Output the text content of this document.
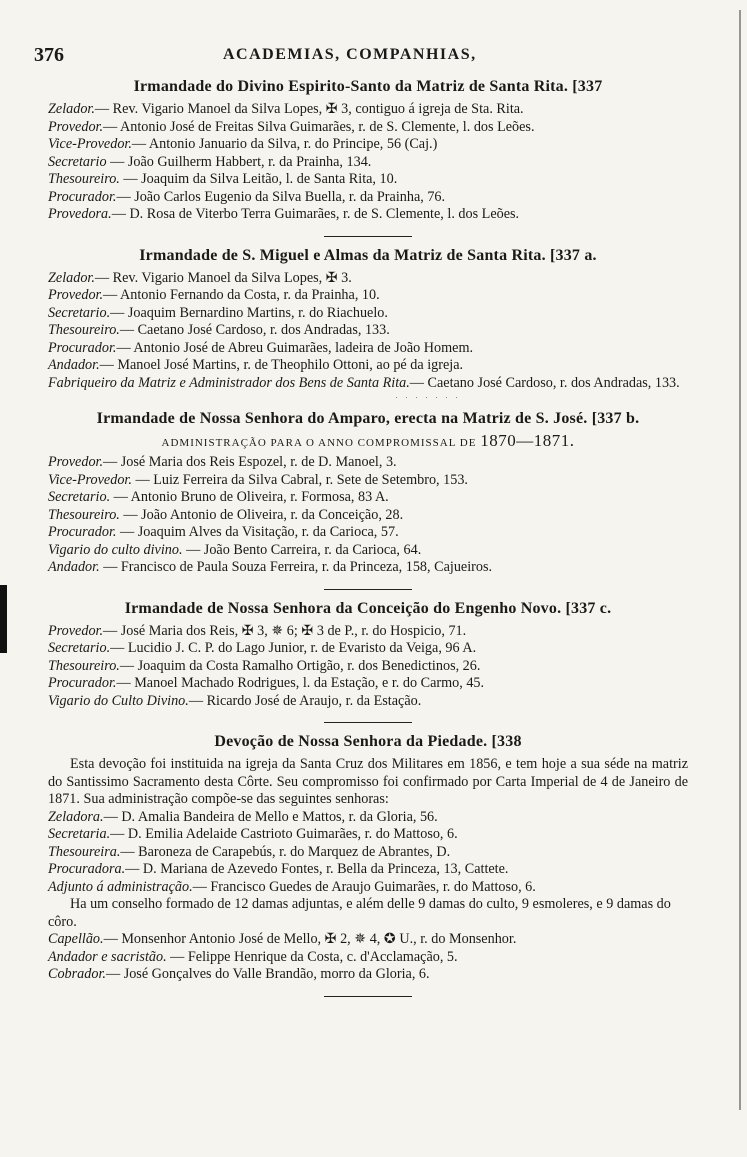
376	ACADEMIAS, COMPANHIAS,
Irmandade do Divino Espirito-Santo da Matriz de Santa Rita. [337
Zelador.— Rev. Vigario Manoel da Silva Lopes, ✠ 3, contiguo á igreja de Sta. Rita.
Provedor.— Antonio José de Freitas Silva Guimarães, r. de S. Clemente, l. dos Leões.
Vice-Provedor.— Antonio Januario da Silva, r. do Principe, 56 (Caj.)
Secretario — João Guilherm Habbert, r. da Prainha, 134.
Thesoureiro. — Joaquim da Silva Leitão, l. de Santa Rita, 10.
Procurador.— João Carlos Eugenio da Silva Buella, r. da Prainha, 76.
Provedora.— D. Rosa de Viterbo Terra Guimarães, r. de S. Clemente, l. dos Leões.
Irmandade de S. Miguel e Almas da Matriz de Santa Rita. [337 a.
Zelador.— Rev. Vigario Manoel da Silva Lopes, ✠ 3.
Provedor.— Antonio Fernando da Costa, r. da Prainha, 10.
Secretario.— Joaquim Bernardino Martins, r. do Riachuelo.
Thesoureiro.— Caetano José Cardoso, r. dos Andradas, 133.
Procurador.— Antonio José de Abreu Guimarães, ladeira de João Homem.
Andador.— Manoel José Martins, r. de Theophilo Ottoni, ao pé da igreja.
Fabriqueiro da Matriz e Administrador dos Bens de Santa Rita.— Caetano José Cardoso, r. dos Andradas, 133.
. . . . . . .
Irmandade de Nossa Senhora do Amparo, erecta na Matriz de S. José. [337 b.
ADMINISTRAÇÃO PARA O ANNO COMPROMISSAL DE 1870—1871.
Provedor.— José Maria dos Reis Espozel, r. de D. Manoel, 3.
Vice-Provedor. — Luiz Ferreira da Silva Cabral, r. Sete de Setembro, 153.
Secretario. — Antonio Bruno de Oliveira, r. Formosa, 83 A.
Thesoureiro. — João Antonio de Oliveira, r. da Conceição, 28.
Procurador. — Joaquim Alves da Visitação, r. da Carioca, 57.
Vigario do culto divino. — João Bento Carreira, r. da Carioca, 64.
Andador. — Francisco de Paula Souza Ferreira, r. da Princeza, 158, Cajueiros.
Irmandade de Nossa Senhora da Conceição do Engenho Novo. [337 c.
Provedor.— José Maria dos Reis, ✠ 3, ✵ 6; ✠ 3 de P., r. do Hospicio, 71.
Secretario.— Lucidio J. C. P. do Lago Junior, r. de Evaristo da Veiga, 96 A.
Thesoureiro.— Joaquim da Costa Ramalho Ortigão, r. dos Benedictinos, 26.
Procurador.— Manoel Machado Rodrigues, l. da Estação, e r. do Carmo, 45.
Vigario do Culto Divino.— Ricardo José de Araujo, r. da Estação.
Devoção de Nossa Senhora da Piedade. [338
Esta devoção foi instituida na igreja da Santa Cruz dos Militares em 1856, e tem hoje a sua séde na matriz do Santissimo Sacramento desta Côrte. Seu compromisso foi confirmado por Carta Imperial de 4 de Janeiro de 1871. Sua administração compõe-se das seguintes senhoras:
Zeladora.— D. Amalia Bandeira de Mello e Mattos, r. da Gloria, 56.
Secretaria.— D. Emilia Adelaide Castrioto Guimarães, r. do Mattoso, 6.
Thesoureira.— Baroneza de Carapebús, r. do Marquez de Abrantes, D.
Procuradora.— D. Mariana de Azevedo Fontes, r. Bella da Princeza, 13, Cattete.
Adjunto á administração.— Francisco Guedes de Araujo Guimarães, r. do Mattoso, 6.
Ha um conselho formado de 12 damas adjuntas, e além delle 9 damas do culto, 9 esmoleres, e 9 damas do côro.
Capellão.— Monsenhor Antonio José de Mello, ✠ 2, ✵ 4, ✪ U., r. do Monsenhor.
Andador e sacristão. — Felippe Henrique da Costa, c. d'Acclamação, 5.
Cobrador.— José Gonçalves do Valle Brandão, morro da Gloria, 6.
